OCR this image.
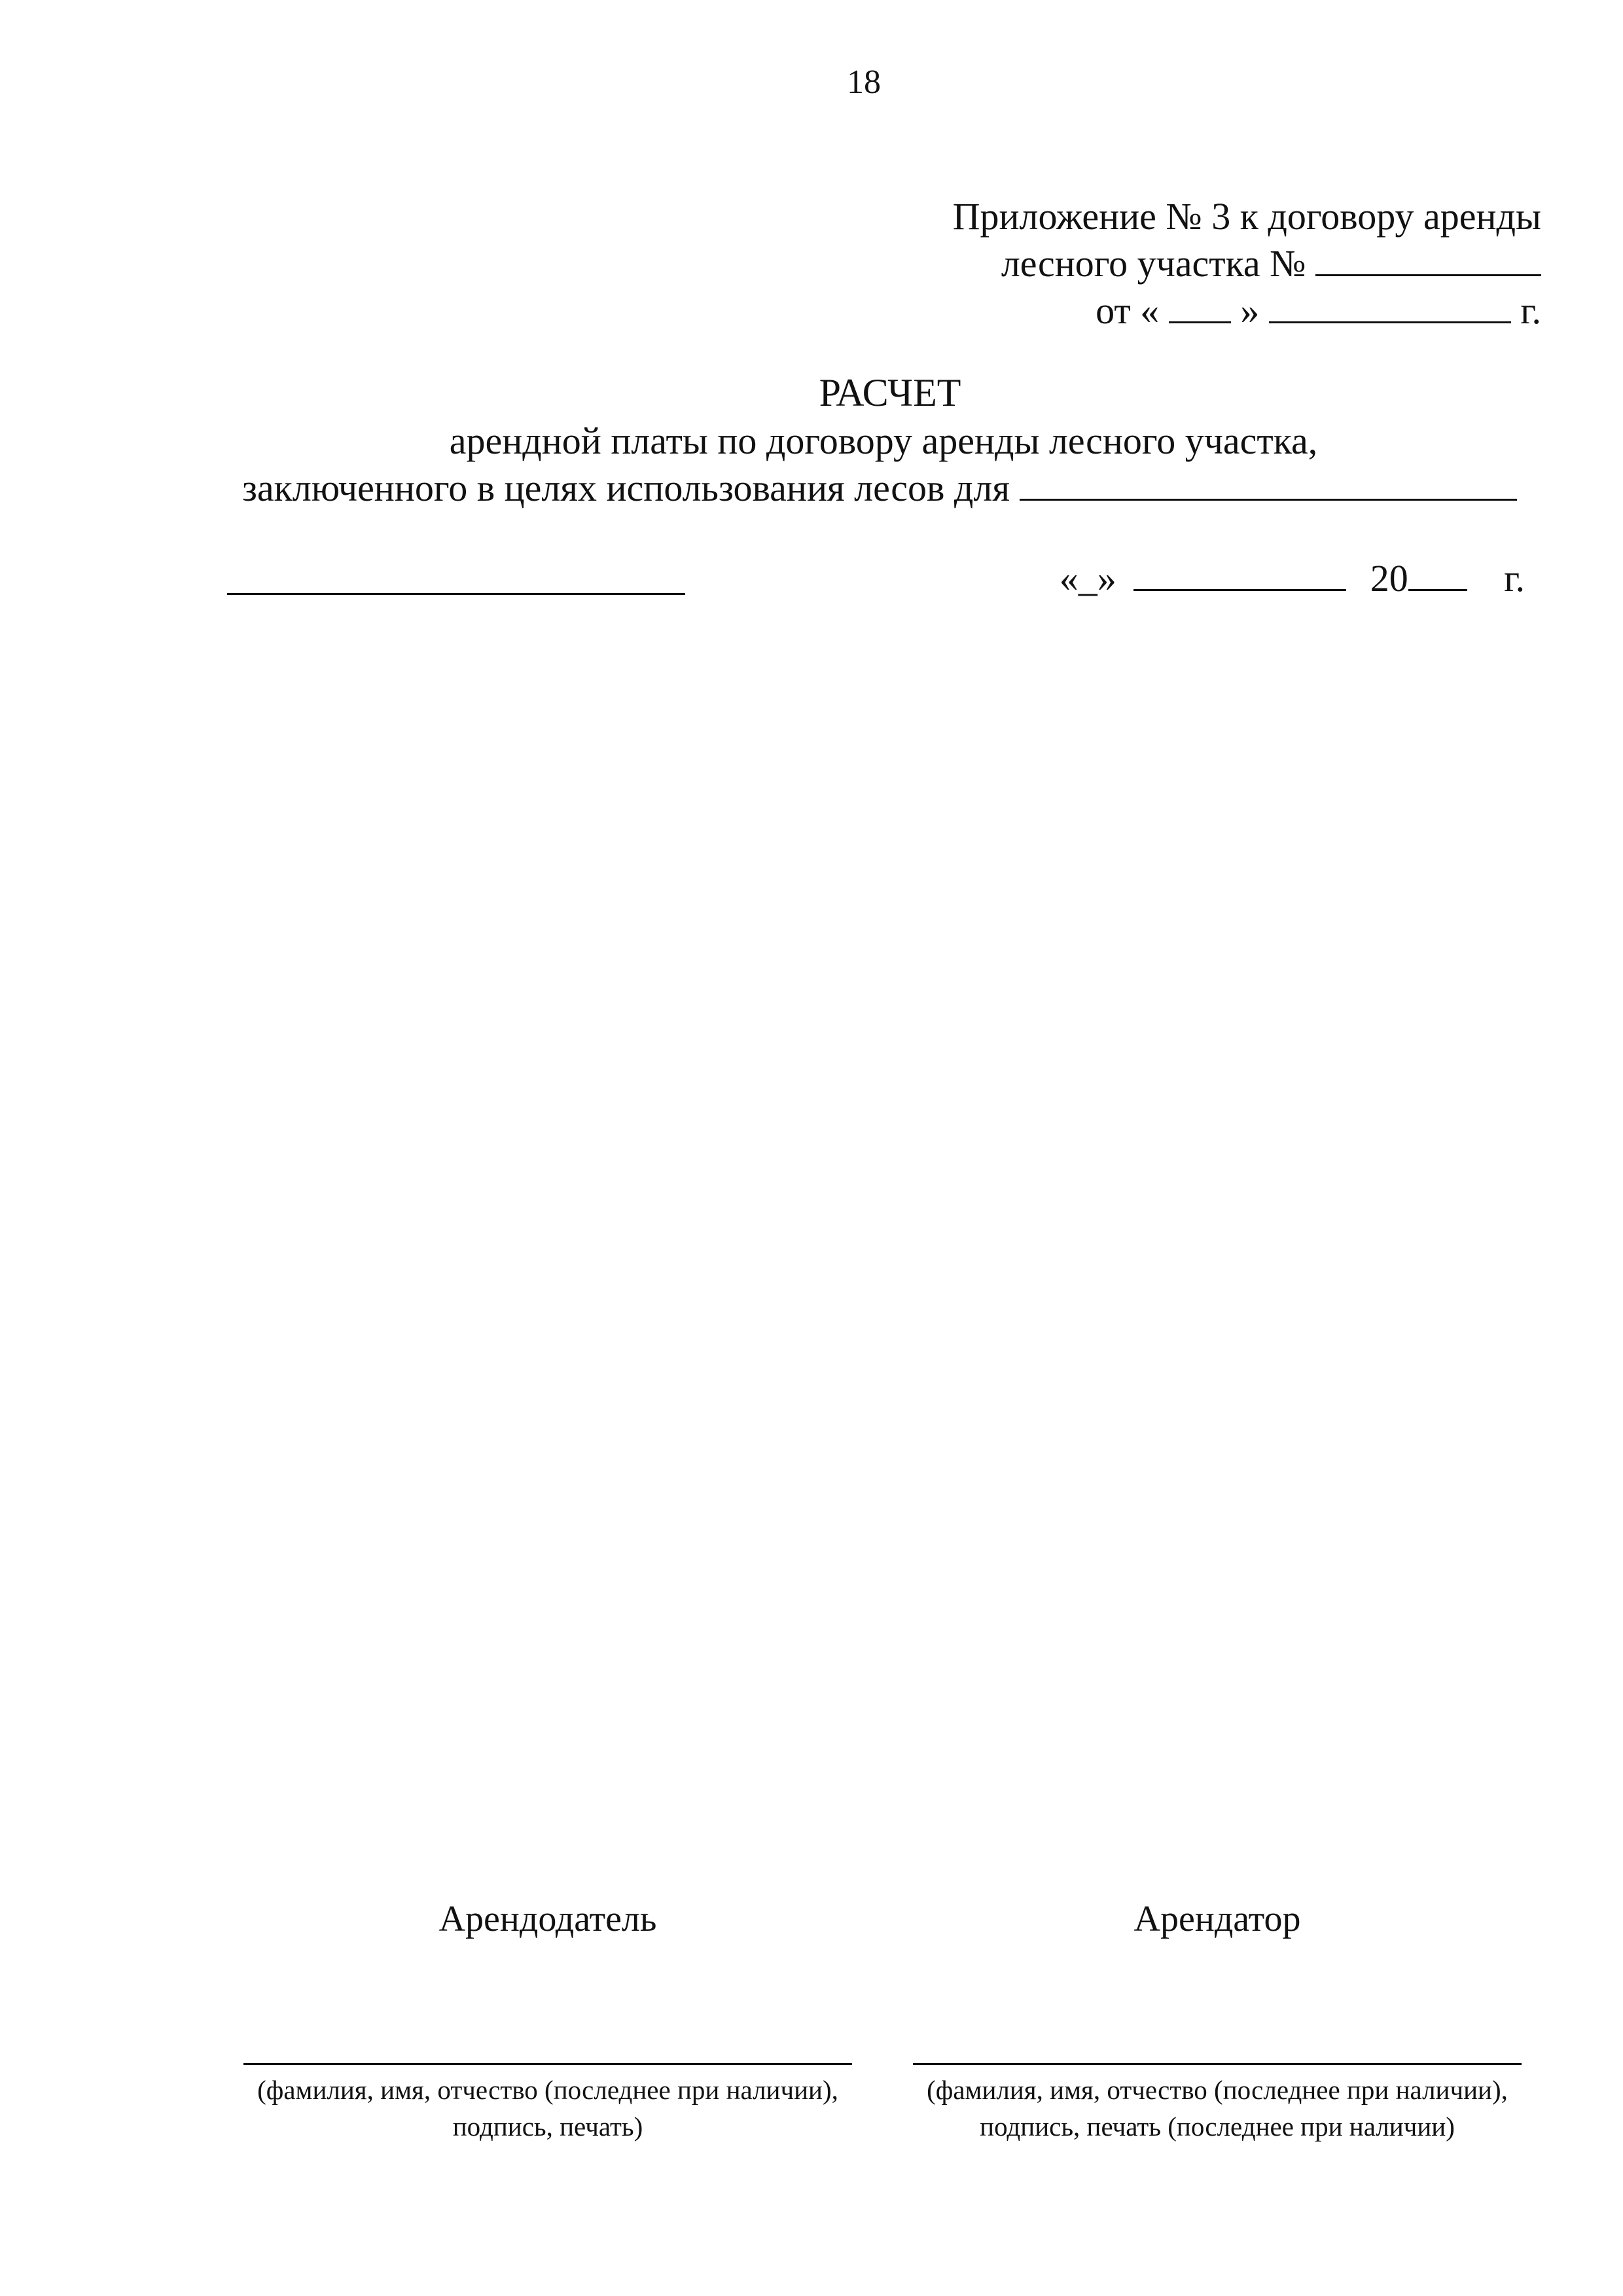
18
Приложение № 3 к договору аренды
лесного участка №
от « »	г.
РАСЧЕТ
арендной платы по договору аренды лесного участка,
заключенного в целях использования лесов для
«_»	20	г.
Арендодатель	Арендатор
(фамилия, имя, отчество (последнее при наличии),
подпись, печать)
(фамилия, имя, отчество (последнее при наличии),
подпись, печать (последнее при наличии)
